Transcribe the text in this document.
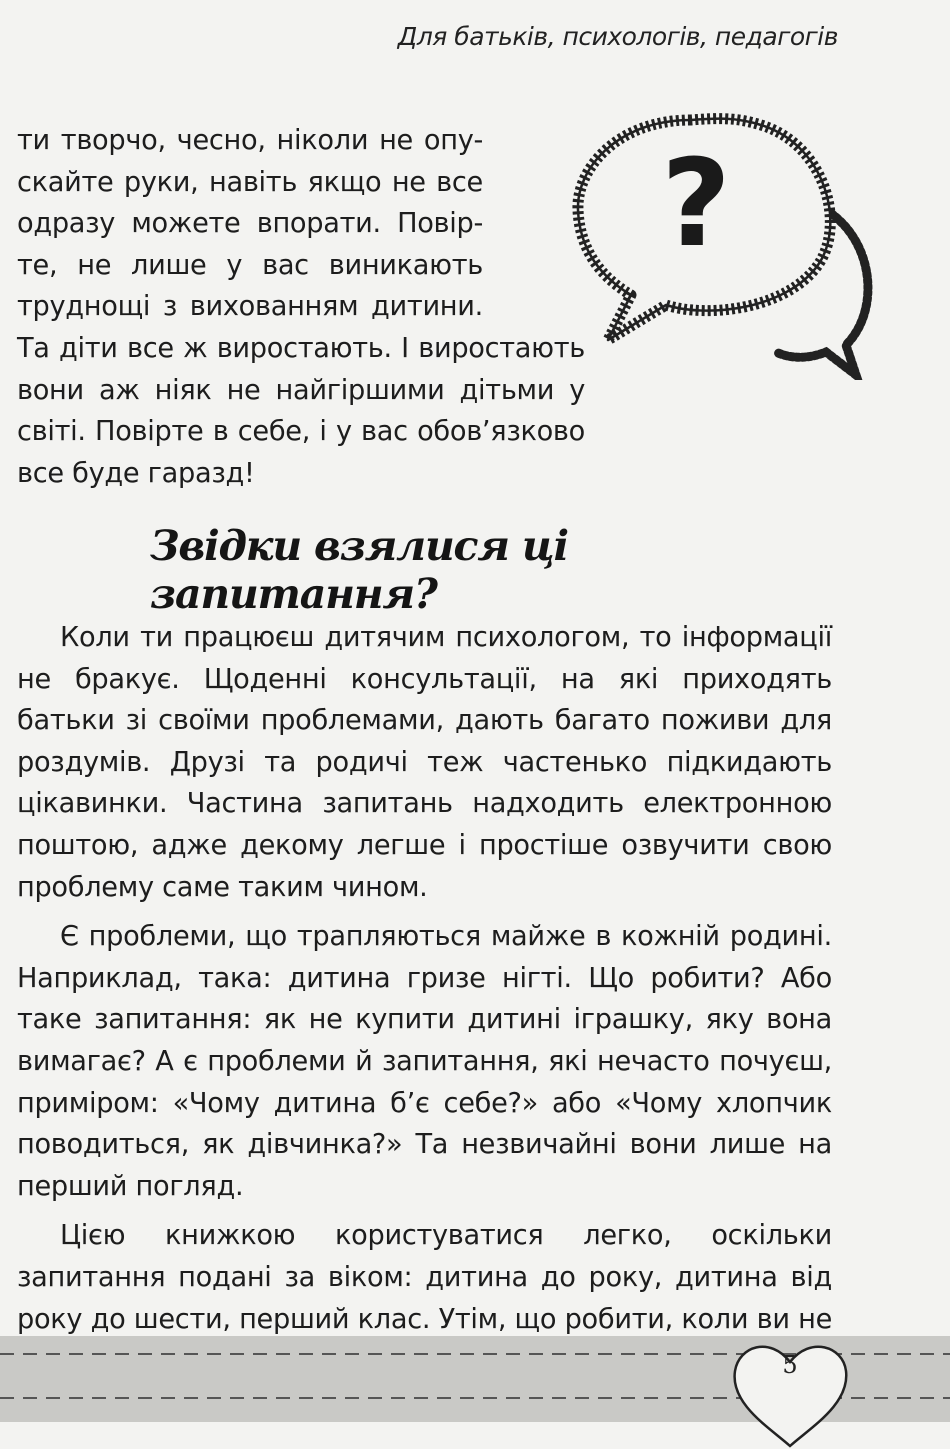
Для батьків, психологів, педагогів
?

ти творчо, чесно, ніколи не опу-

скайте руки, навіть якщо не все

одразу можете впорати. Повір-

те, не лише у вас виникають

труднощі з вихованням дитини.

Та діти все ж виростають. І виростають вони аж ніяк не найгіршими дітьми у світі. Повірте в себе, і у вас обов’язково все буде гаразд!

Звідки взялися ці запитання?

Коли ти працюєш дитячим психологом, то інформації не бракує. Щоденні консультації, на які приходять батьки зі своїми проблемами, дають багато поживи для роздумів. Друзі та родичі теж частенько підкидають цікавинки. Частина запитань надходить електронною поштою, адже декому легше і простіше озвучити свою проблему саме таким чином.

Є проблеми, що трапляються майже в кожній родині. Наприклад, така: дитина гризе нігті. Що робити? Або таке запитання: як не купити дитині іграшку, яку вона вимагає? А є проблеми й запитання, які нечасто почуєш, приміром: «Чому дитина б’є себе?» або «Чому хлопчик поводиться, як дівчинка?» Та незвичайні вони лише на перший погляд.

Цією книжкою користуватися легко, оскільки запитання подані за віком: дитина до року, дитина від року до шести, перший клас. Утім, що робити, коли ви не

5
